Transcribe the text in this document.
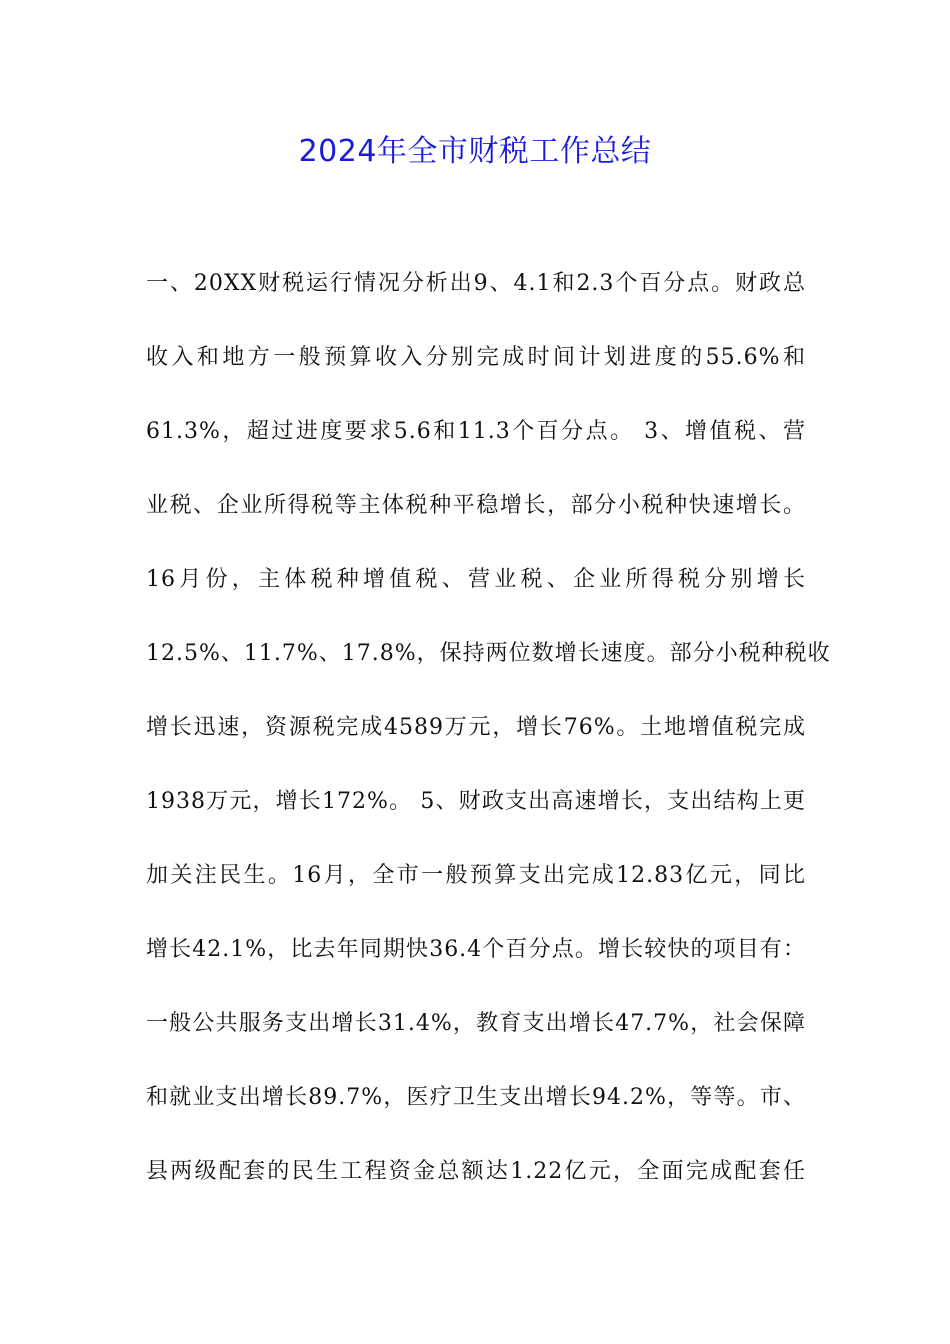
2024年全市财税工作总结
一、20XX财税运行情况分析出9、4.1和2.3个百分点。财政总
收入和地方一般预算收入分别完成时间计划进度的55.6%和
61.3%，超过进度要求5.6和11.3个百分点。 3、增值税、营
业税、企业所得税等主体税种平稳增长，部分小税种快速增长。
16月份，主体税种增值税、营业税、企业所得税分别增长
12.5%、11.7%、17.8%，保持两位数增长速度。部分小税种税收
增长迅速，资源税完成4589万元，增长76%。土地增值税完成
1938万元，增长172%。 5、财政支出高速增长，支出结构上更
加关注民生。16月，全市一般预算支出完成12.83亿元，同比
增长42.1%，比去年同期快36.4个百分点。增长较快的项目有：
一般公共服务支出增长31.4%，教育支出增长47.7%，社会保障
和就业支出增长89.7%，医疗卫生支出增长94.2%，等等。市、
县两级配套的民生工程资金总额达1.22亿元，全面完成配套任
